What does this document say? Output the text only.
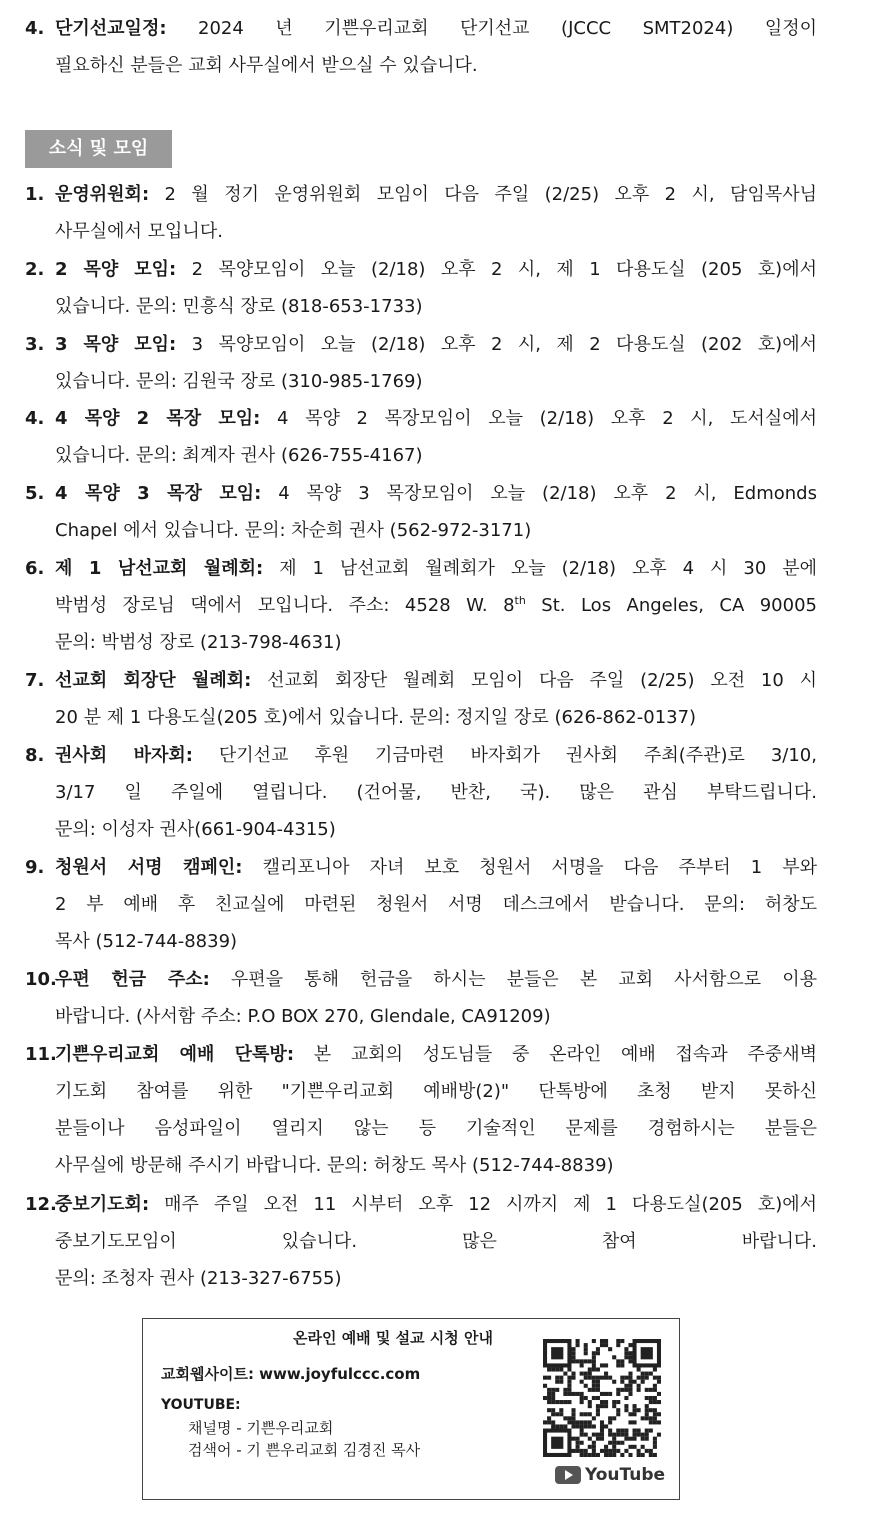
4. 단기선교일정: 2024 년 기쁜우리교회 단기선교 (JCCC SMT2024) 일정이
필요하신 분들은 교회 사무실에서 받으실 수 있습니다.
소식 및 모임
1. 운영위원회: 2 월 정기 운영위원회 모임이 다음 주일 (2/25) 오후 2 시, 담임목사님
사무실에서 모입니다.
2. 2 목양 모임: 2 목양모임이 오늘 (2/18) 오후 2 시, 제 1 다용도실 (205 호)에서
있습니다. 문의: 민흥식 장로 (818-653-1733)
3. 3 목양 모임: 3 목양모임이 오늘 (2/18) 오후 2 시, 제 2 다용도실 (202 호)에서
있습니다. 문의: 김원국 장로 (310-985-1769)
4. 4 목양 2 목장 모임: 4 목양 2 목장모임이 오늘 (2/18) 오후 2 시, 도서실에서
있습니다. 문의: 최계자 권사 (626-755-4167)
5. 4 목양 3 목장 모임: 4 목양 3 목장모임이 오늘 (2/18) 오후 2 시, Edmonds
Chapel 에서 있습니다. 문의: 차순희 권사 (562-972-3171)
6. 제 1 남선교회 월례회: 제 1 남선교회 월례회가 오늘 (2/18) 오후 4 시 30 분에
박범성 장로님 댁에서 모입니다. 주소: 4528 W. 8th St. Los Angeles, CA 90005
문의: 박범성 장로 (213-798-4631)
7. 선교회 회장단 월례회: 선교회 회장단 월례회 모임이 다음 주일 (2/25) 오전 10 시
20 분 제 1 다용도실(205 호)에서 있습니다. 문의: 정지일 장로 (626-862-0137)
8. 권사회 바자회: 단기선교 후원 기금마련 바자회가 권사회 주최(주관)로 3/10,
3/17 일 주일에 열립니다. (건어물, 반찬, 국). 많은 관심 부탁드립니다.
문의: 이성자 권사(661-904-4315)
9. 청원서 서명 캠페인: 캘리포니아 자녀 보호 청원서 서명을 다음 주부터 1 부와
2 부 예배 후 친교실에 마련된 청원서 서명 데스크에서 받습니다. 문의: 허창도
목사 (512-744-8839)
10.우편 헌금 주소: 우편을 통해 헌금을 하시는 분들은 본 교회 사서함으로 이용
바랍니다. (사서함 주소: P.O BOX 270, Glendale, CA91209)
11.기쁜우리교회 예배 단톡방: 본 교회의 성도님들 중 온라인 예배 접속과 주중새벽
기도회 참여를 위한 "기쁜우리교회 예배방(2)" 단톡방에 초청 받지 못하신
분들이나 음성파일이 열리지 않는 등 기술적인 문제를 경험하시는 분들은
사무실에 방문해 주시기 바랍니다. 문의: 허창도 목사 (512-744-8839)
12.중보기도회: 매주 주일 오전 11 시부터 오후 12 시까지 제 1 다용도실(205 호)에서
중보기도모임이 있습니다. 많은 참여 바랍니다.
문의: 조청자 권사 (213-327-6755)
온라인 예배 및 설교 시청 안내
교회웹사이트: www.joyfulccc.com
YOUTUBE:
채널명 - 기쁜우리교회
검색어 - 기 쁜우리교회 김경진 목사
YouTube
